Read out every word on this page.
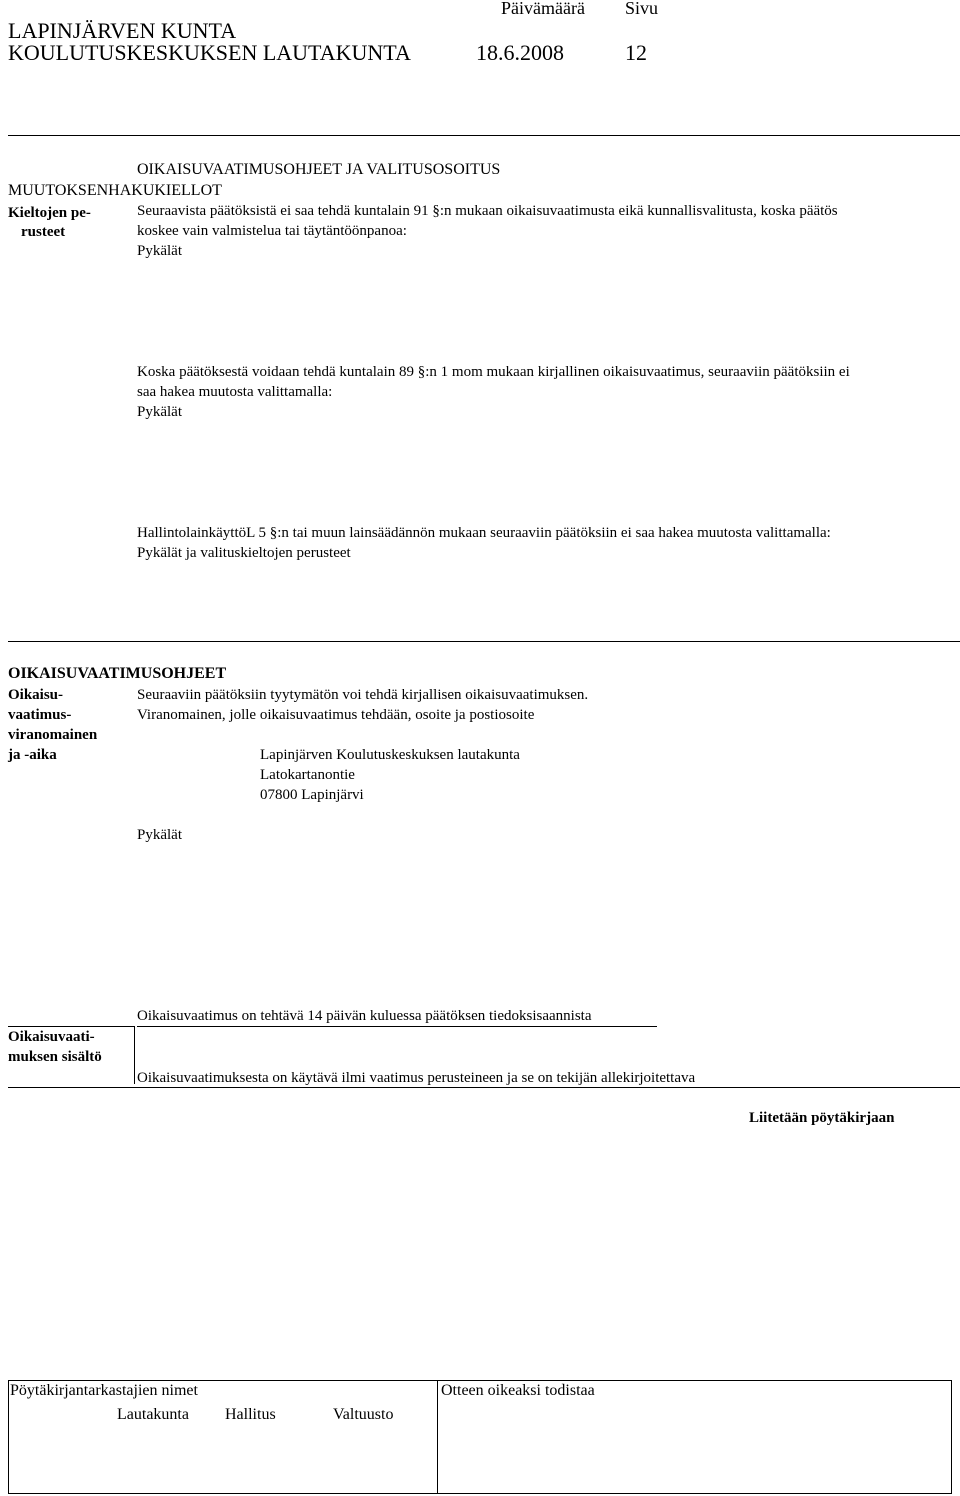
LAPINJÄRVEN KUNTA
KOULUTUSKESKUKSEN LAUTAKUNTA
Päivämäärä Sivu
18.6.2008	12
OIKAISUVAATIMUSOHJEET JA VALITUSOSOITUS
MUUTOKSENHAKUKIELLOT
Kieltojen pe-
rusteet
Seuraavista päätöksistä ei saa tehdä kuntalain 91 §:n mukaan oikaisuvaatimusta eikä kunnallisvalitusta, koska päätös
koskee vain valmistelua tai täytäntöönpanoa:
Pykälät
Koska päätöksestä voidaan tehdä kuntalain 89 §:n 1 mom mukaan kirjallinen oikaisuvaatimus, seuraaviin päätöksiin ei
saa hakea muutosta valittamalla:
Pykälät
HallintolainkäyttöL 5 §:n tai muun lainsäädännön mukaan seuraaviin päätöksiin ei saa hakea muutosta valittamalla:
Pykälät ja valituskieltojen perusteet
OIKAISUVAATIMUSOHJEET
Oikaisu-
vaatimus-
viranomainen
ja -aika
Seuraaviin päätöksiin tyytymätön voi tehdä kirjallisen oikaisuvaatimuksen.
Viranomainen, jolle oikaisuvaatimus tehdään, osoite ja postiosoite
Lapinjärven Koulutuskeskuksen lautakunta
Latokartanontie
07800 Lapinjärvi
Pykälät
Oikaisuvaatimus on tehtävä 14 päivän kuluessa päätöksen tiedoksisaannista
Oikaisuvaati-
muksen sisältö
Oikaisuvaatimuksesta on käytävä ilmi vaatimus perusteineen ja se on tekijän allekirjoitettava
Liitetään pöytäkirjaan
Pöytäkirjantarkastajien nimet	Otteen oikeaksi todistaa
Lautakunta Hallitus	Valtuusto
